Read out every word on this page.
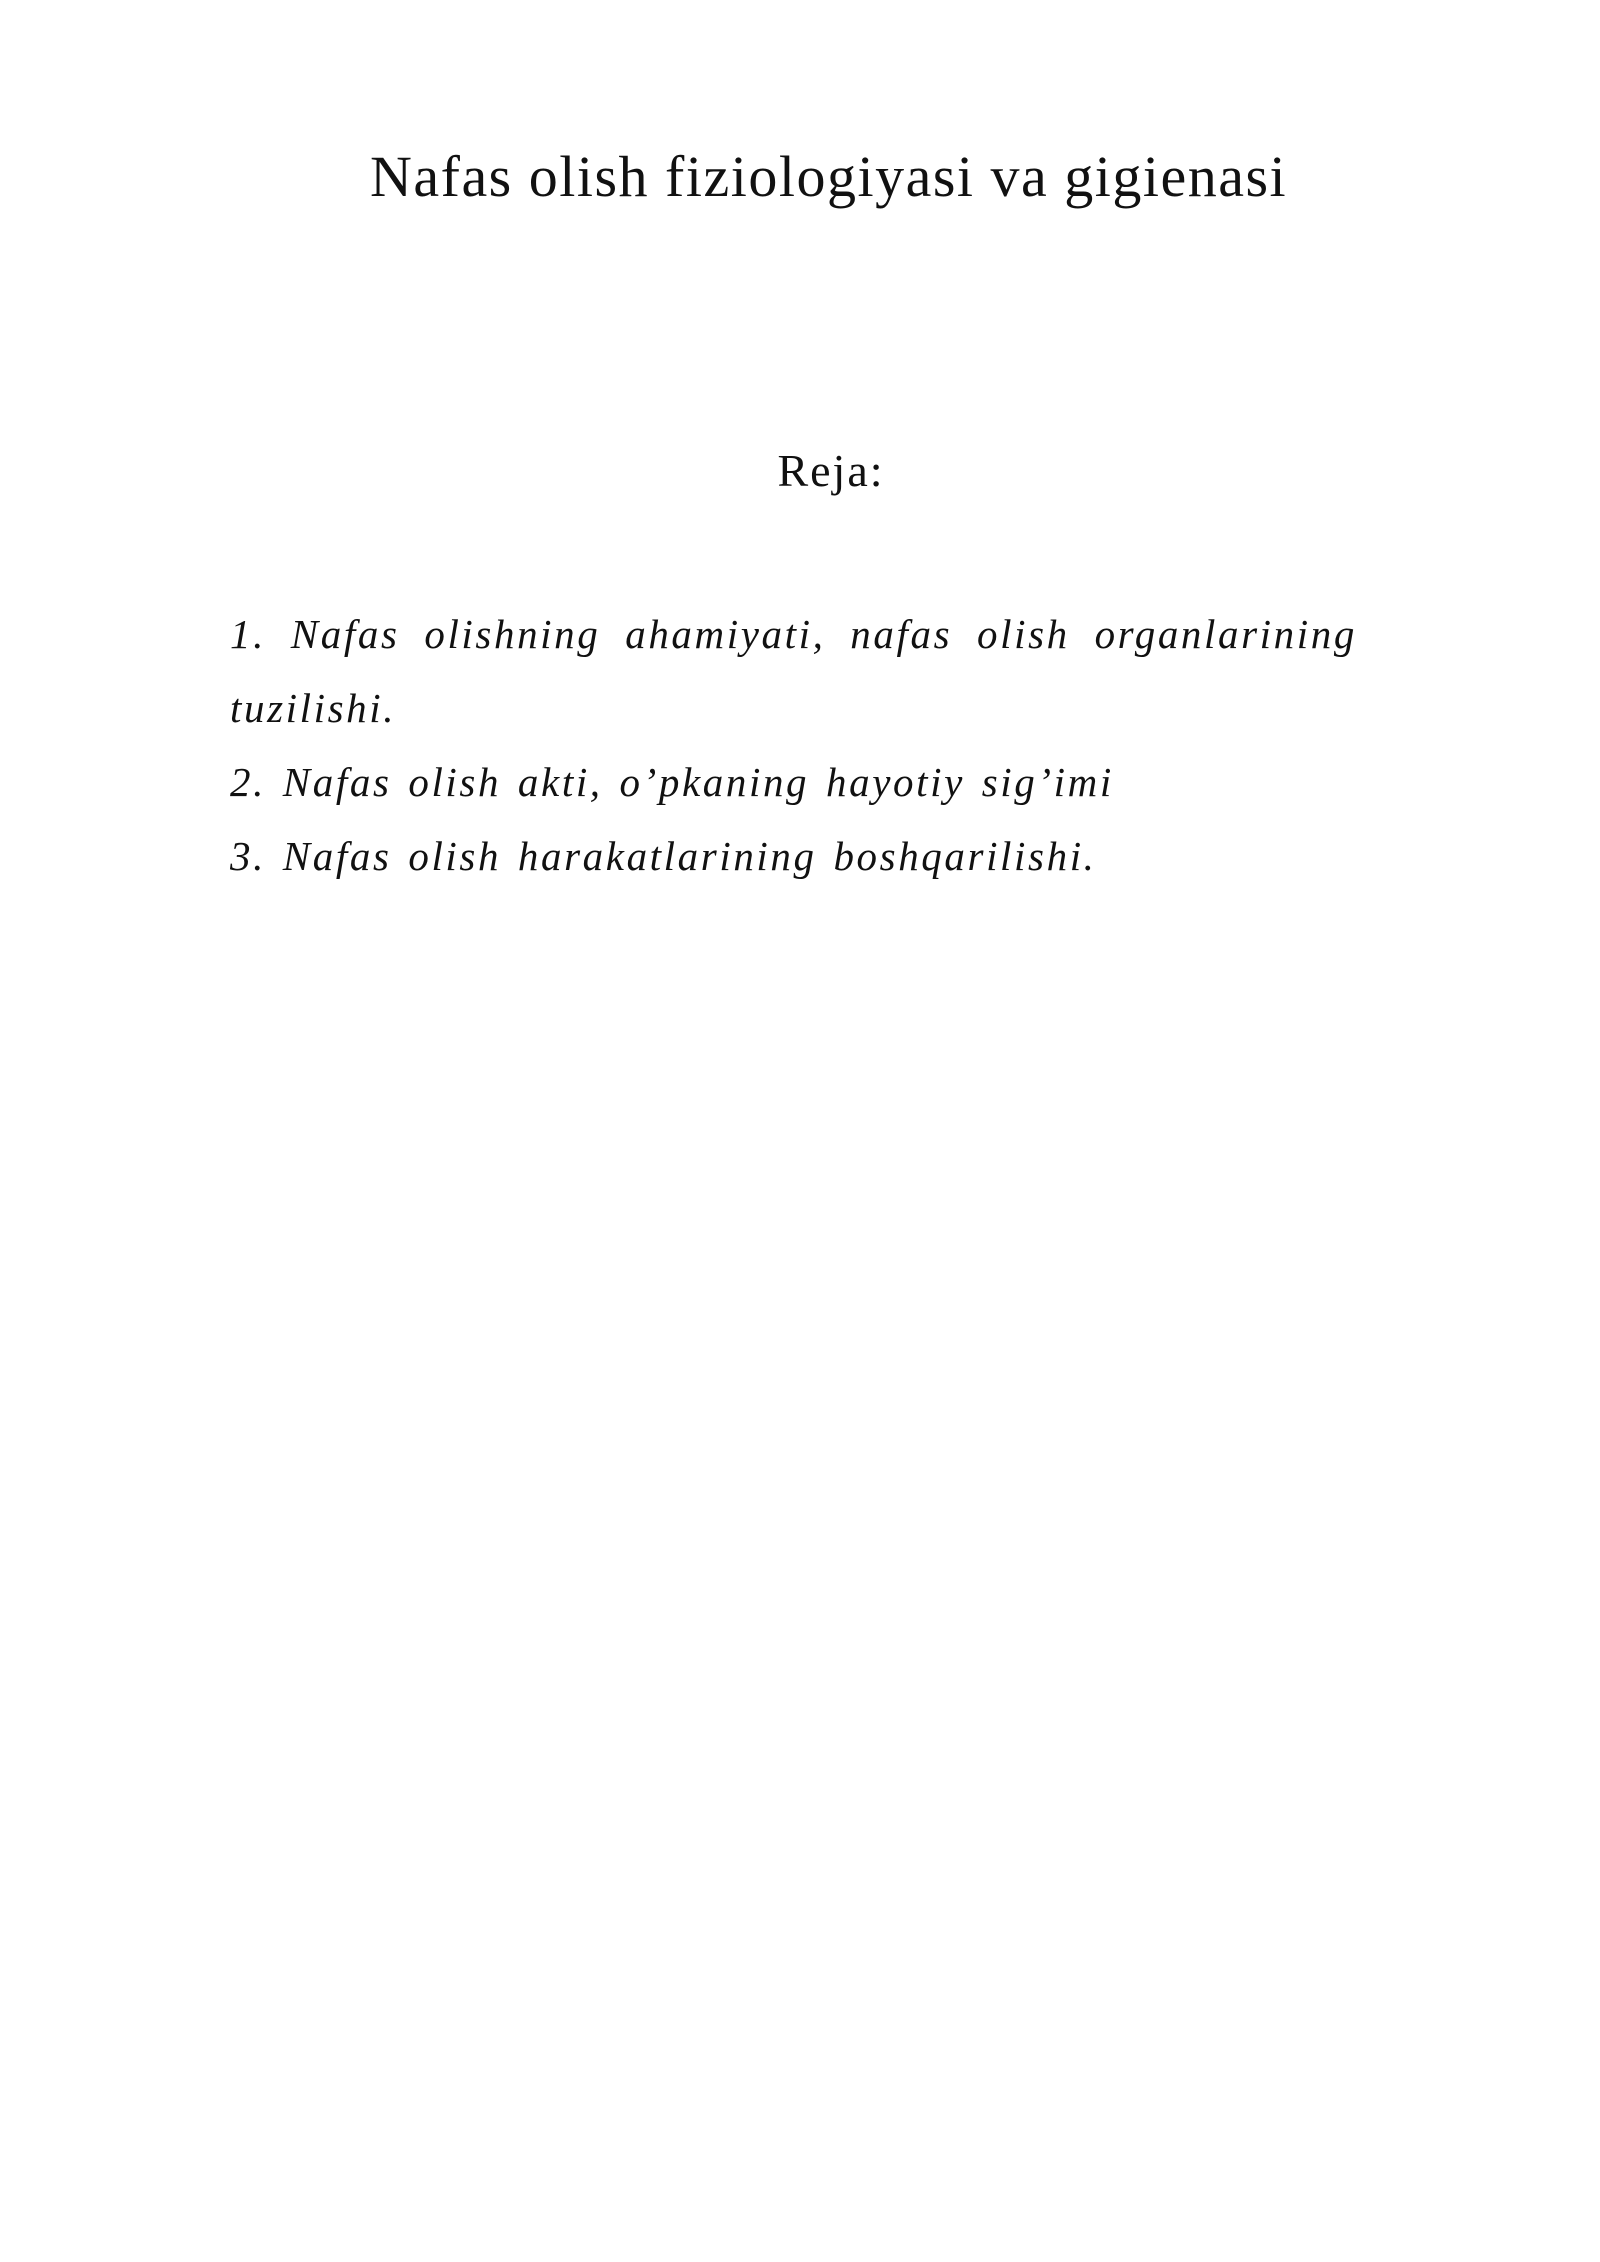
Nafas olish fiziologiyasi va gigienasi
Reja:
1. Nafas olishning ahamiyati, nafas olish organlarining tuzilishi.
2. Nafas olish akti, o’pkaning hayotiy sig’imi
3. Nafas olish harakatlarining boshqarilishi.
